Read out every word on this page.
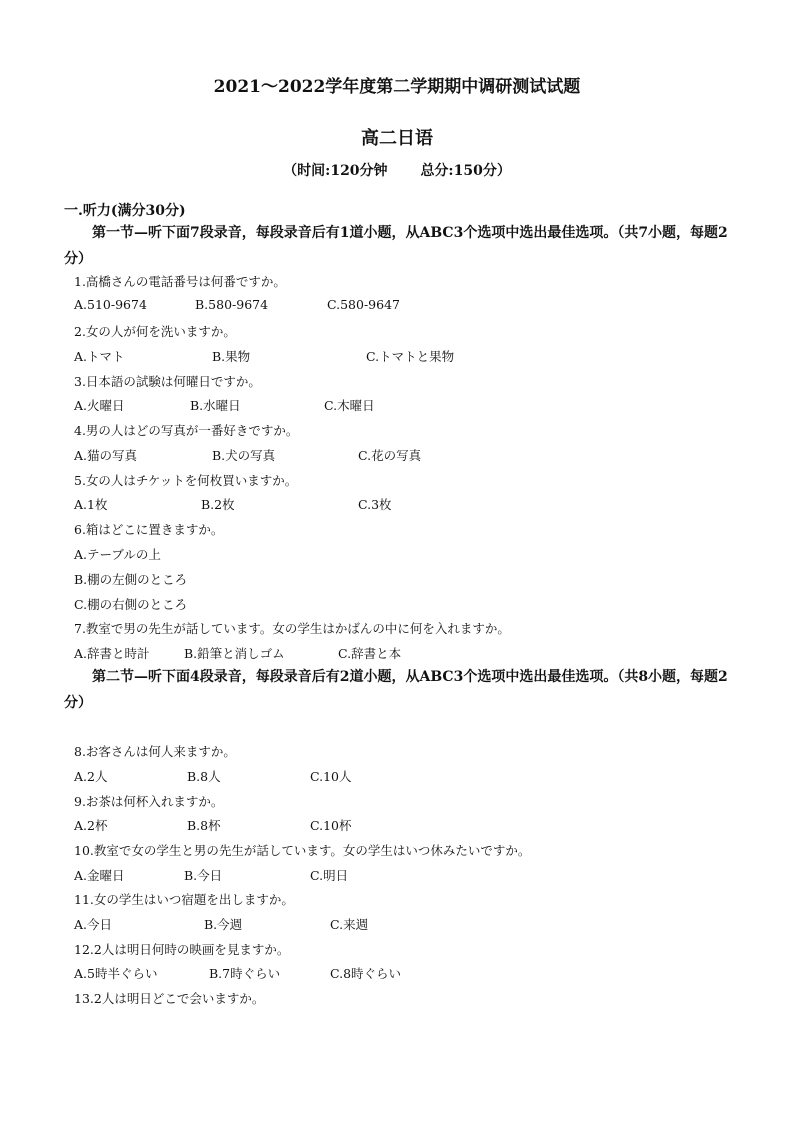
2021～2022学年度第二学期期中调研测试试题
高二日语
（时间:120分钟 总分:150分）
一.听力(满分30分)
第一节—听下面7段录音，每段录音后有1道小题，从ABC3个选项中选出最佳选项。（共7小题，每题2分）
1.高橋さんの電話番号は何番ですか。
A.510-9674	B.580-9674	C.580-9647
2.女の人が何を洗いますか。
A.トマト	B.果物	C.トマトと果物
3.日本語の試験は何曜日ですか。
A.火曜日	B.水曜日	C.木曜日
4.男の人はどの写真が一番好きですか。
A.猫の写真	B.犬の写真	C.花の写真
5.女の人はチケットを何枚買いますか。
A.1枚	B.2枚	C.3枚
6.箱はどこに置きますか。
A.テーブルの上
B.棚の左側のところ
C.棚の右側のところ
7.教室で男の先生が話しています。女の学生はかばんの中に何を入れますか。
A.辞書と時計	B.鉛筆と消しゴム	C.辞書と本
第二节—听下面4段录音，每段录音后有2道小题，从ABC3个选项中选出最佳选项。（共8小题，每题2分）
8.お客さんは何人来ますか。
A.2人	B.8人	C.10人
9.お茶は何杯入れますか。
A.2杯	B.8杯	C.10杯
10.教室で女の学生と男の先生が話しています。女の学生はいつ休みたいですか。
A.金曜日	B.今日	C.明日
11.女の学生はいつ宿題を出しますか。
A.今日	B.今週	C.来週
12.2人は明日何時の映画を見ますか。
A.5時半ぐらい	B.7時ぐらい	C.8時ぐらい
13.2人は明日どこで会いますか。
